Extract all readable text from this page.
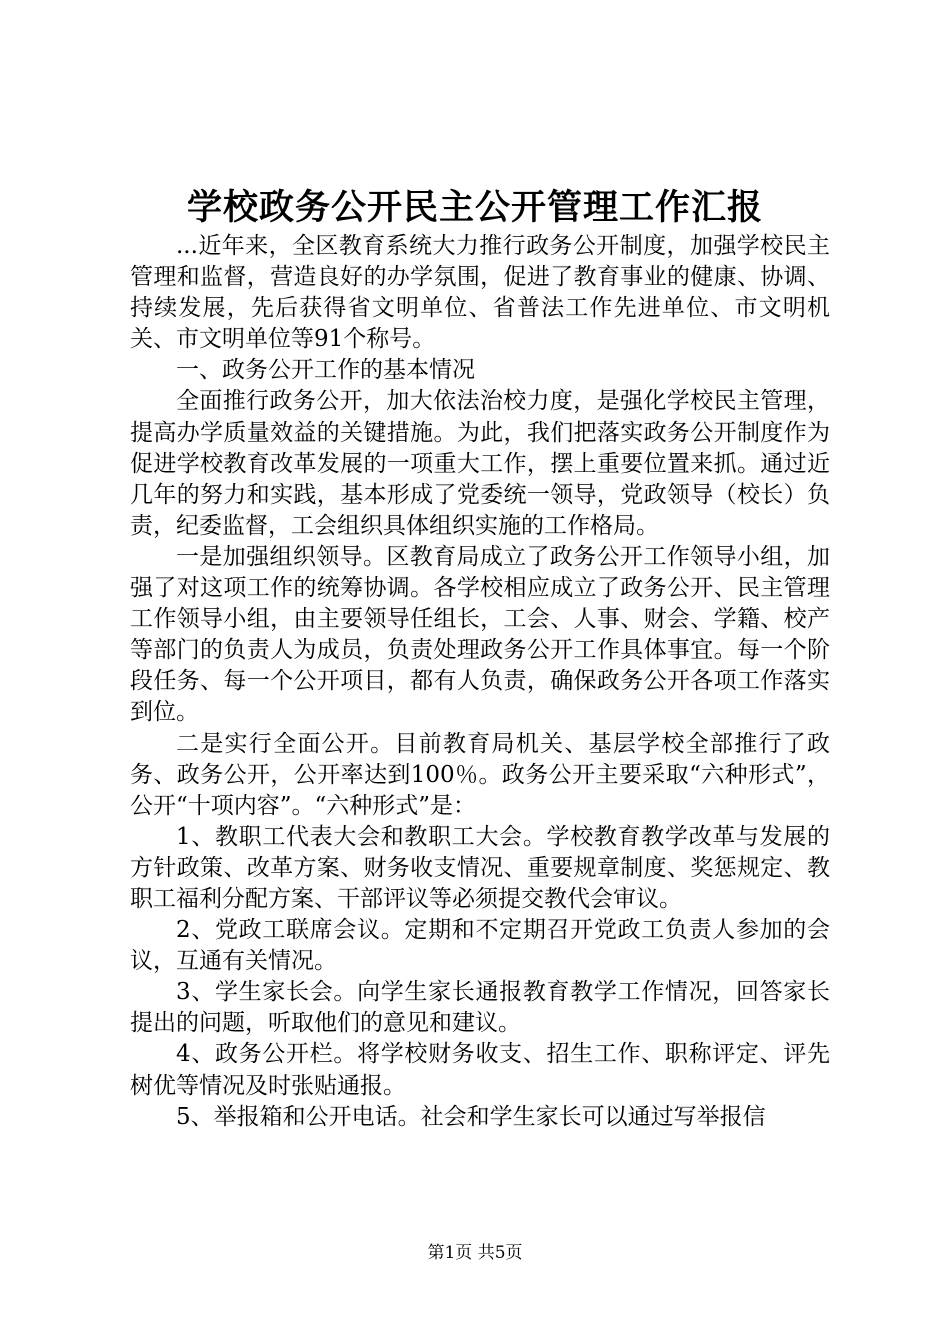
学校政务公开民主公开管理工作汇报

...近年来，全区教育系统大力推行政务公开制度，加强学校民主管理和监督，营造良好的办学氛围，促进了教育事业的健康、协调、持续发展，先后获得省文明单位、省普法工作先进单位、市文明机关、市文明单位等91个称号。

一、政务公开工作的基本情况

全面推行政务公开，加大依法治校力度，是强化学校民主管理，提高办学质量效益的关键措施。为此，我们把落实政务公开制度作为促进学校教育改革发展的一项重大工作，摆上重要位置来抓。通过近几年的努力和实践，基本形成了党委统一领导，党政领导（校长）负责，纪委监督，工会组织具体组织实施的工作格局。

一是加强组织领导。区教育局成立了政务公开工作领导小组，加强了对这项工作的统筹协调。各学校相应成立了政务公开、民主管理工作领导小组，由主要领导任组长，工会、人事、财会、学籍、校产等部门的负责人为成员，负责处理政务公开工作具体事宜。每一个阶段任务、每一个公开项目，都有人负责，确保政务公开各项工作落实到位。

二是实行全面公开。目前教育局机关、基层学校全部推行了政务、政务公开，公开率达到100％。政务公开主要采取“六种形式”，公开“十项内容”。“六种形式”是：

1、教职工代表大会和教职工大会。学校教育教学改革与发展的方针政策、改革方案、财务收支情况、重要规章制度、奖惩规定、教职工福利分配方案、干部评议等必须提交教代会审议。

2、党政工联席会议。定期和不定期召开党政工负责人参加的会议，互通有关情况。

3、学生家长会。向学生家长通报教育教学工作情况，回答家长提出的问题，听取他们的意见和建议。

4、政务公开栏。将学校财务收支、招生工作、职称评定、评先树优等情况及时张贴通报。

5、举报箱和公开电话。社会和学生家长可以通过写举报信

第1页 共5页
